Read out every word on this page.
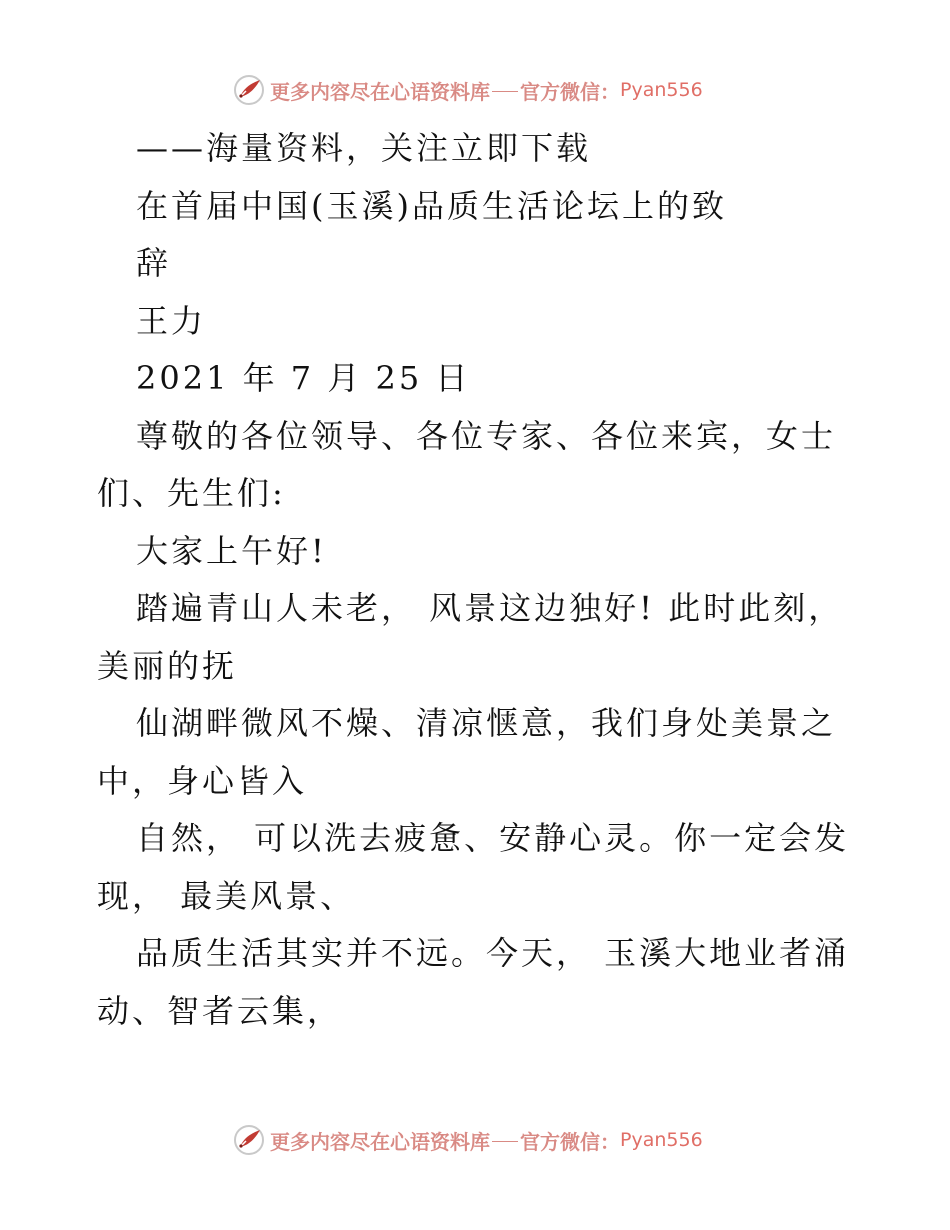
更多内容尽在心语资料库 官方微信： Pyan556

——海量资料，关注立即下载

在首届中国(玉溪)品质生活论坛上的致

辞

王力

2021 年 7 月 25 日

尊敬的各位领导、各位专家、各位来宾，女士们、先生们:

大家上午好!

踏遍青山人未老， 风景这边独好! 此时此刻，美丽的抚

仙湖畔微风不燥、清凉惬意，我们身处美景之中，身心皆入

自然， 可以洗去疲惫、安静心灵。你一定会发现， 最美风景、

品质生活其实并不远。今天， 玉溪大地业者涌动、智者云集，

更多内容尽在心语资料库 官方微信： Pyan556
